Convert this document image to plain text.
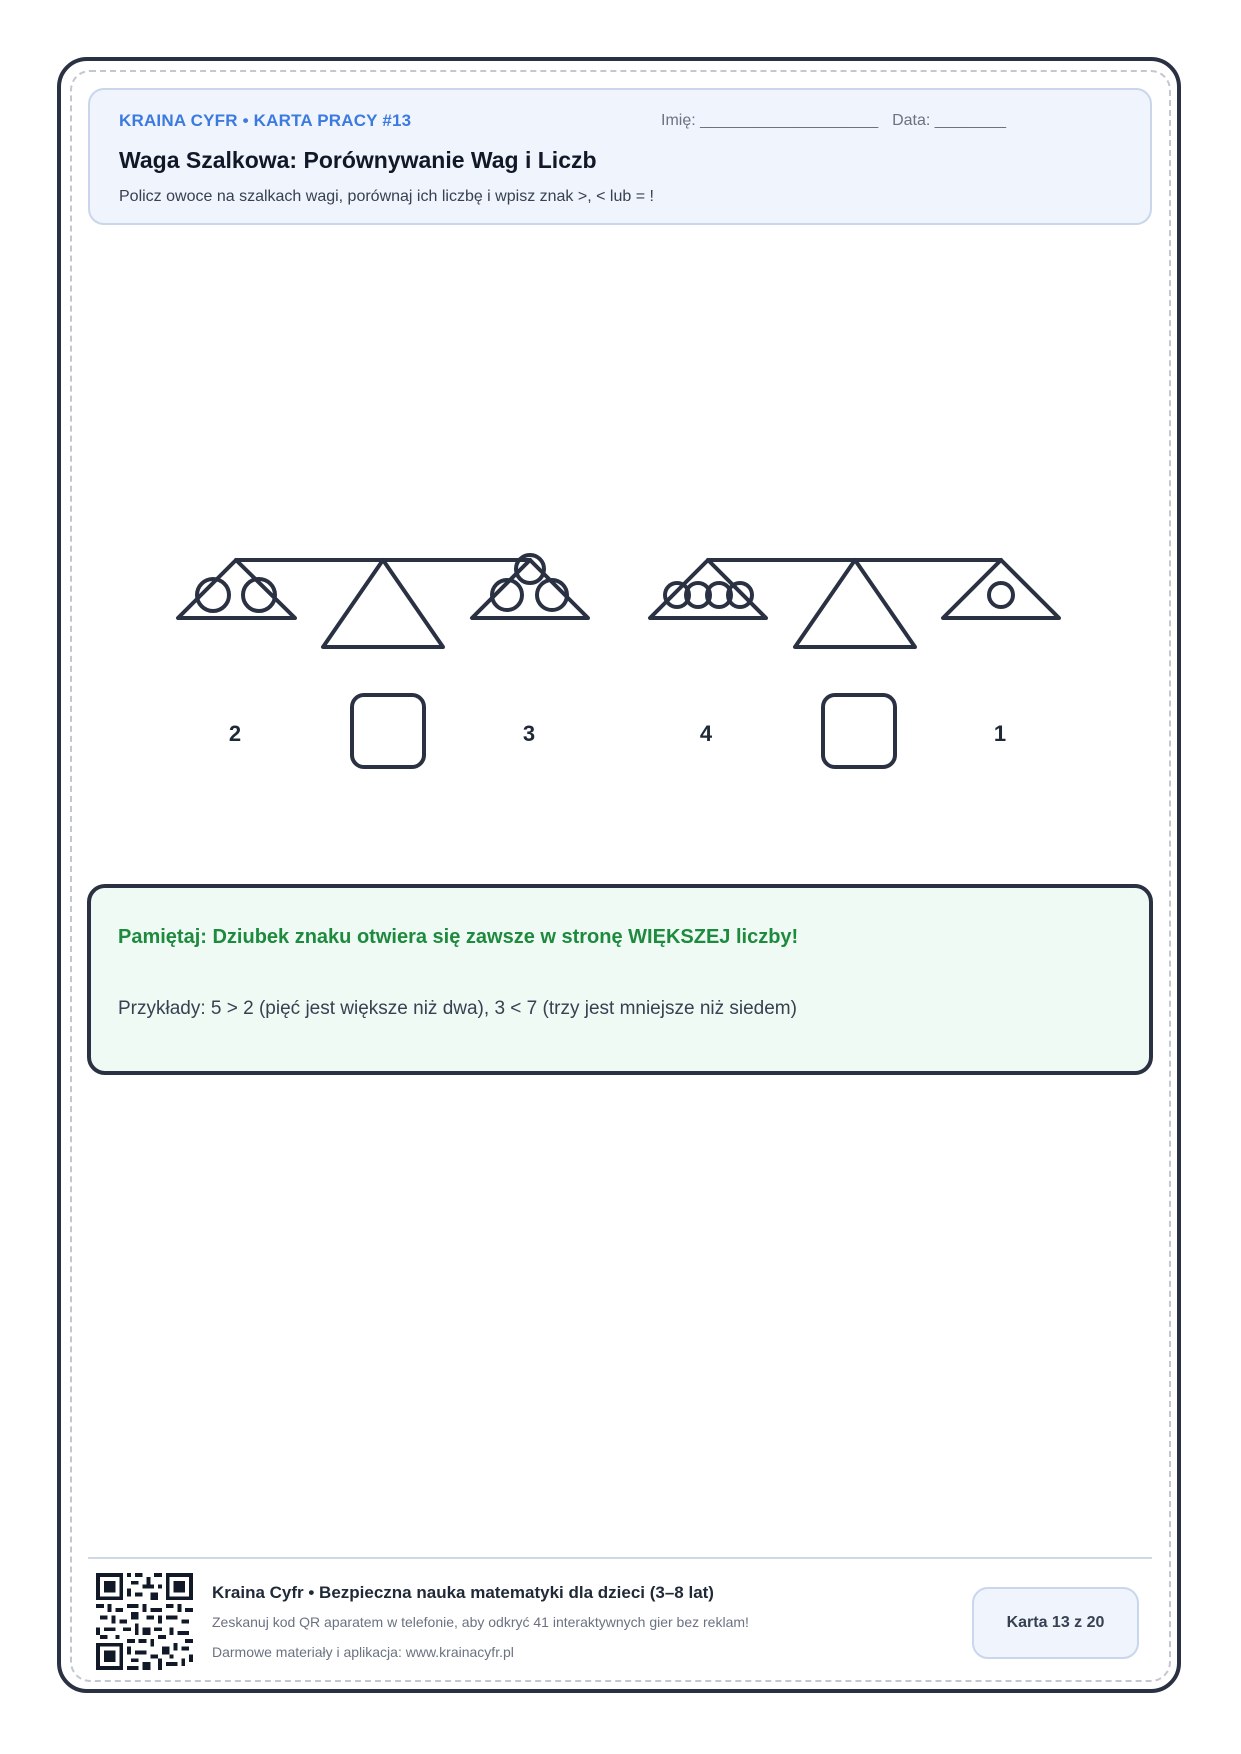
KRAINA CYFR • KARTA PRACY #13	Imię: ____________________ Data: ________
Waga Szalkowa: Porównywanie Wag i Liczb
Policz owoce na szalkach wagi, porównaj ich liczbę i wpisz znak >, < lub = !
2	3	4	1
Pamiętaj: Dziubek znaku otwiera się zawsze w stronę WIĘKSZEJ liczby!
Przykłady: 5 > 2 (pięć jest większe niż dwa), 3 < 7 (trzy jest mniejsze niż siedem)
Kraina Cyfr • Bezpieczna nauka matematyki dla dzieci (3–8 lat)
Zeskanuj kod QR aparatem w telefonie, aby odkryć 41 interaktywnych gier bez reklam!
Darmowe materiały i aplikacja: www.krainacyfr.pl
Karta 13 z 20
